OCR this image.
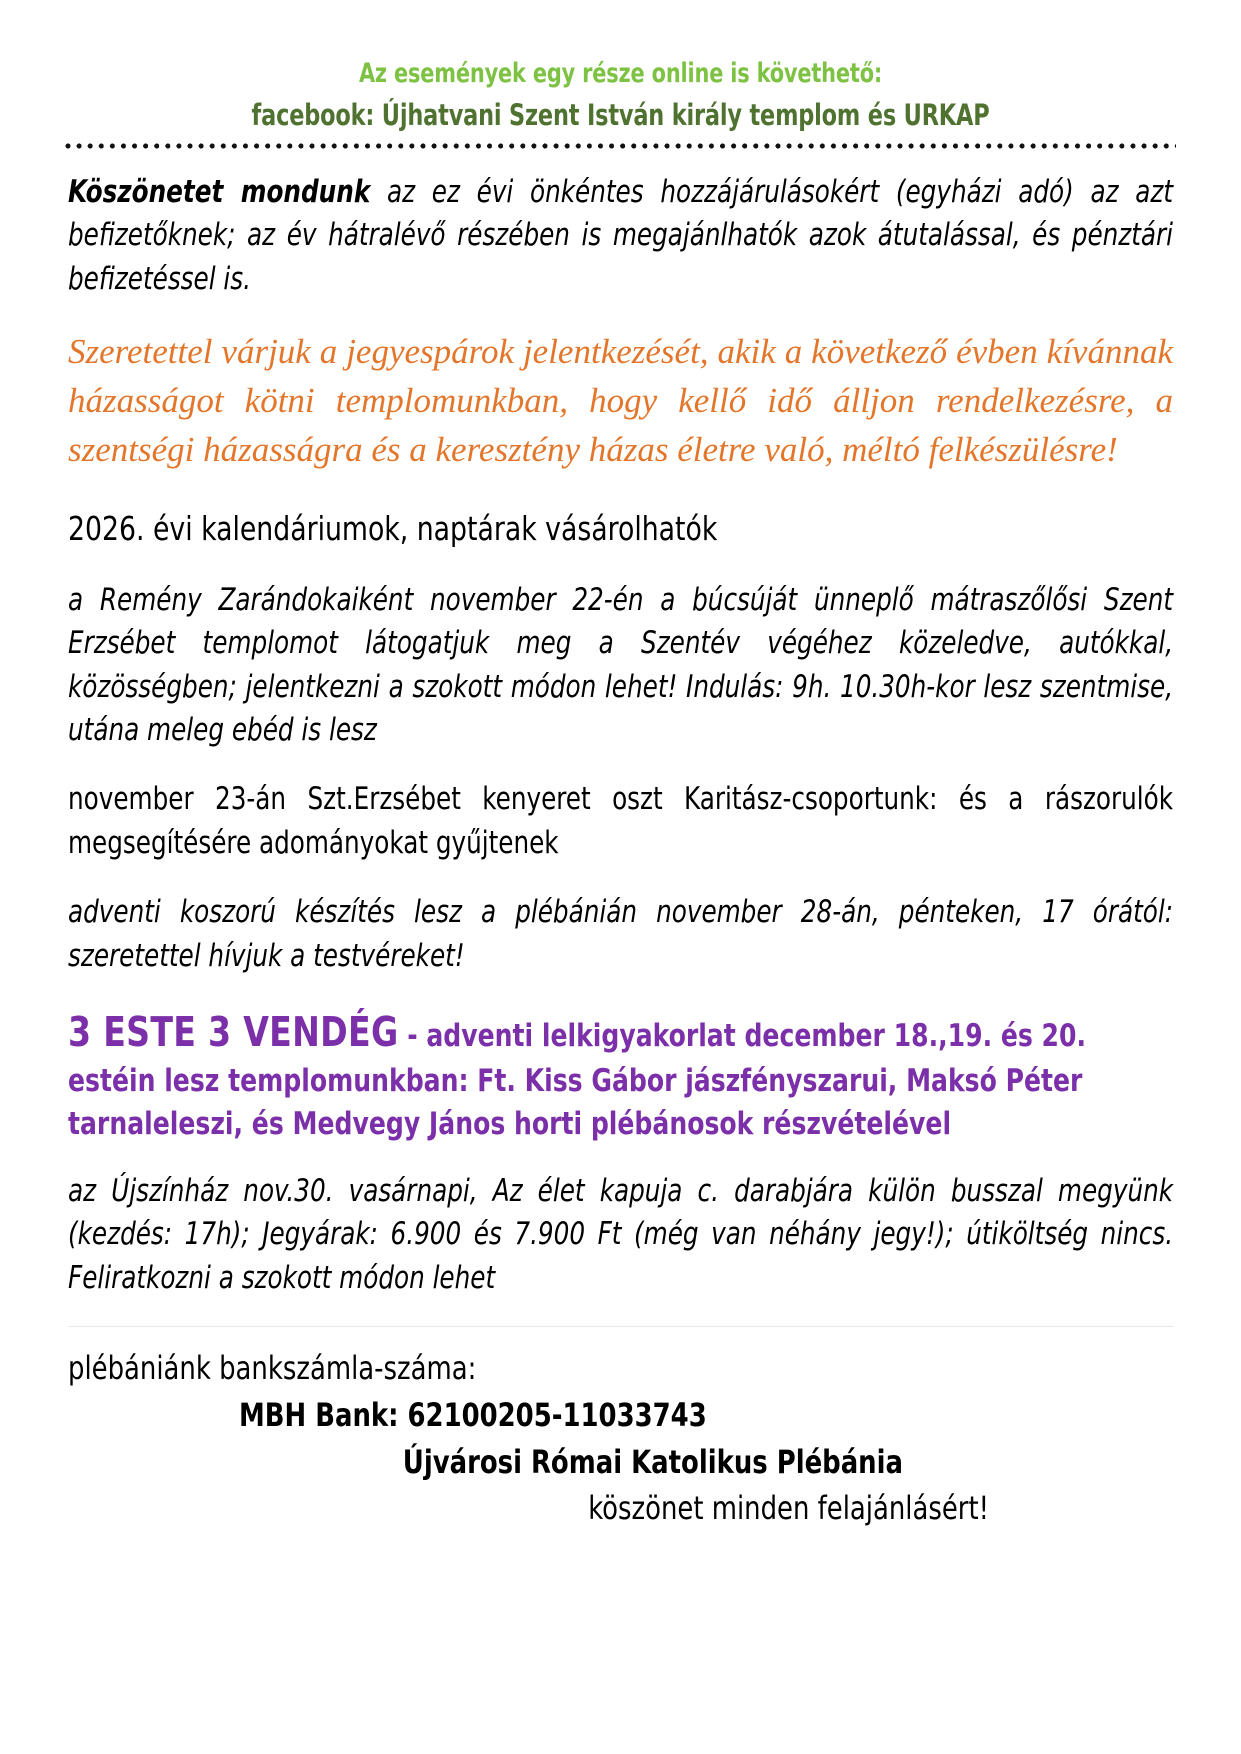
Az események egy része online is követhető:
facebook: Újhatvani Szent István király templom és URKAP

Köszönetet mondunk az ez évi önkéntes hozzájárulásokért (egyházi adó) az azt befizetőknek; az év hátralévő részében is megajánlhatók azok átutalással, és pénztári befizetéssel is.

Szeretettel várjuk a jegyespárok jelentkezését, akik a következő évben kívánnak házasságot kötni templomunkban, hogy kellő idő álljon rendelkezésre, a szentségi házasságra és a keresztény házas életre való, méltó felkészülésre!

2026. évi kalendáriumok, naptárak vásárolhatók

a Remény Zarándokaiként november 22-én a búcsúját ünneplő mátraszőlősi Szent Erzsébet templomot látogatjuk meg a Szentév végéhez közeledve, autókkal, közösségben; jelentkezni a szokott módon lehet! Indulás: 9h. 10.30h-kor lesz szentmise, utána meleg ebéd is lesz

november 23-án Szt.Erzsébet kenyeret oszt Karitász-csoportunk: és a rászorulók megsegítésére adományokat gyűjtenek

adventi koszorú készítés lesz a plébánián november 28-án, pénteken, 17 órától: szeretettel hívjuk a testvéreket!

3 ESTE 3 VENDÉG - adventi lelkigyakorlat december 18.,19. és 20. estéin lesz templomunkban: Ft. Kiss Gábor jászfényszarui, Maksó Péter tarnaleleszi, és Medvegy János horti plébánosok részvételével

az Újszínház nov.30. vasárnapi, Az élet kapuja c. darabjára külön busszal megyünk (kezdés: 17h); Jegyárak: 6.900 és 7.900 Ft (még van néhány jegy!); útiköltség nincs. Feliratkozni a szokott módon lehet

plébániánk bankszámla-száma:
MBH Bank: 62100205-11033743
Újvárosi Római Katolikus Plébánia
köszönet minden felajánlásért!
